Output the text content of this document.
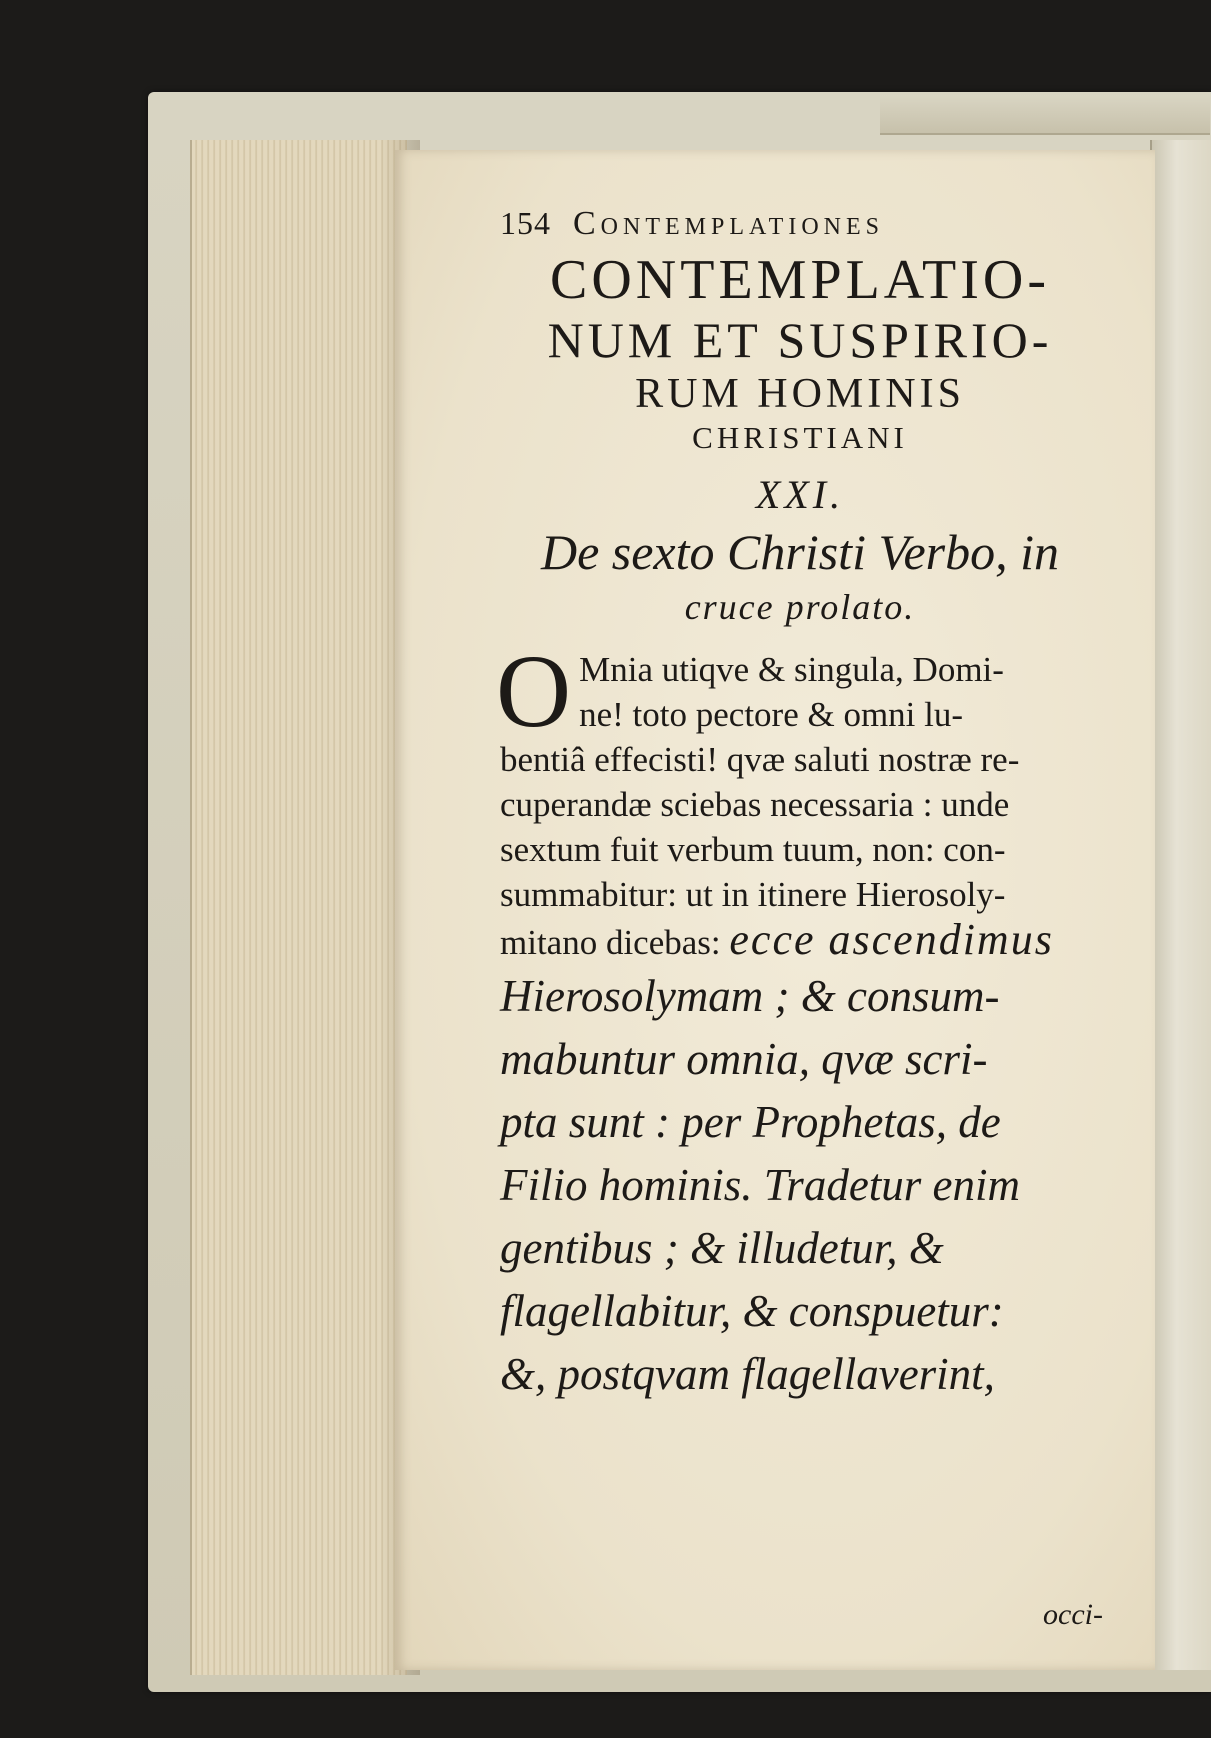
154 Contemplationes
CONTEMPLATIO-
NUM ET SUSPIRIO-
RUM HOMINIS
CHRISTIANI
XXI.
De sexto Christi Verbo, in
cruce prolato.
O Mnia utiqve & singula, Domi-
ne! toto pectore & omni lu-
bentiâ effecisti! qvæ saluti nostræ re-
cuperandæ sciebas necessaria : unde
sextum fuit verbum tuum, non: con-
summabitur: ut in itinere Hierosoly-
mitano dicebas: ecce ascendimus
Hierosolymam ; & consum-
mabuntur omnia, qvæ scri-
pta sunt : per Prophetas, de
Filio hominis. Tradetur enim
gentibus ; & illudetur, &
flagellabitur, & conspuetur:
&, postqvam flagellaverint,
occi-
